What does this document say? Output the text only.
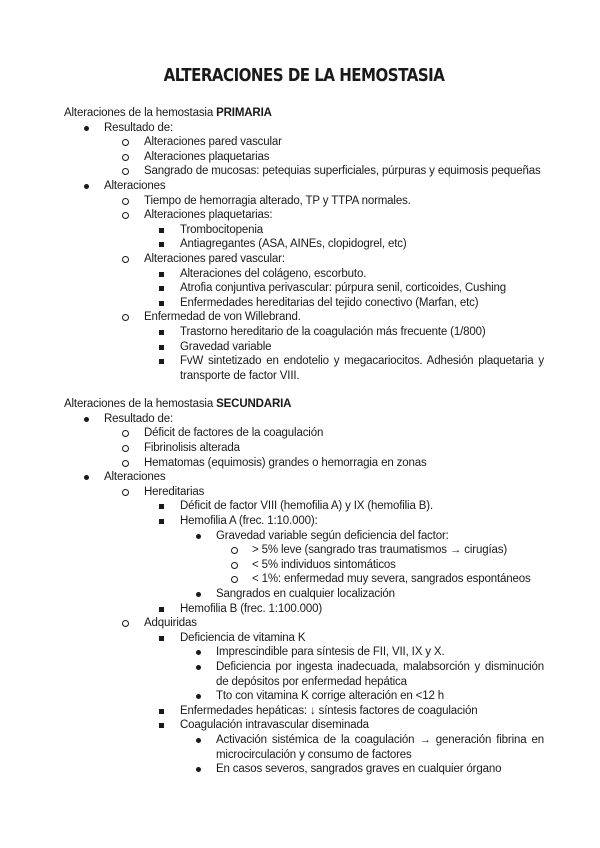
ALTERACIONES DE LA HEMOSTASIA

Alteraciones de la hemostasia PRIMARIA

Resultado de:
Alteraciones pared vascular
Alteraciones plaquetarias
Sangrado de mucosas: petequias superficiales, púrpuras y equimosis pequeñas
Alteraciones
Tiempo de hemorragia alterado, TP y TTPA normales.
Alteraciones plaquetarias:
Trombocitopenia
Antiagregantes (ASA, AINEs, clopidogrel, etc)
Alteraciones pared vascular:
Alteraciones del colágeno, escorbuto.
Atrofia conjuntiva perivascular: púrpura senil, corticoides, Cushing
Enfermedades hereditarias del tejido conectivo (Marfan, etc)
Enfermedad de von Willebrand.
Trastorno hereditario de la coagulación más frecuente (1/800)
Gravedad variable
FvW sintetizado en endotelio y megacariocitos. Adhesión plaquetaria y transporte de factor VIII.

Alteraciones de la hemostasia SECUNDARIA

Resultado de:
Déficit de factores de la coagulación
Fibrinolisis alterada
Hematomas (equimosis) grandes o hemorragia en zonas
Alteraciones
Hereditarias
Déficit de factor VIII (hemofilia A) y IX (hemofilia B).
Hemofilia A (frec. 1:10.000):
Gravedad variable según deficiencia del factor:
> 5% leve (sangrado tras traumatismos → cirugías)
< 5% individuos sintomáticos
< 1%: enfermedad muy severa, sangrados espontáneos
Sangrados en cualquier localización
Hemofilia B (frec. 1:100.000)
Adquiridas
Deficiencia de vitamina K
Imprescindible para síntesis de FII, VII, IX y X.
Deficiencia por ingesta inadecuada, malabsorción y disminución de depósitos por enfermedad hepática
Tto con vitamina K corrige alteración en <12 h
Enfermedades hepáticas: ↓ síntesis factores de coagulación
Coagulación intravascular diseminada
Activación sistémica de la coagulación → generación fibrina en microcirculación y consumo de factores
En casos severos, sangrados graves en cualquier órgano
